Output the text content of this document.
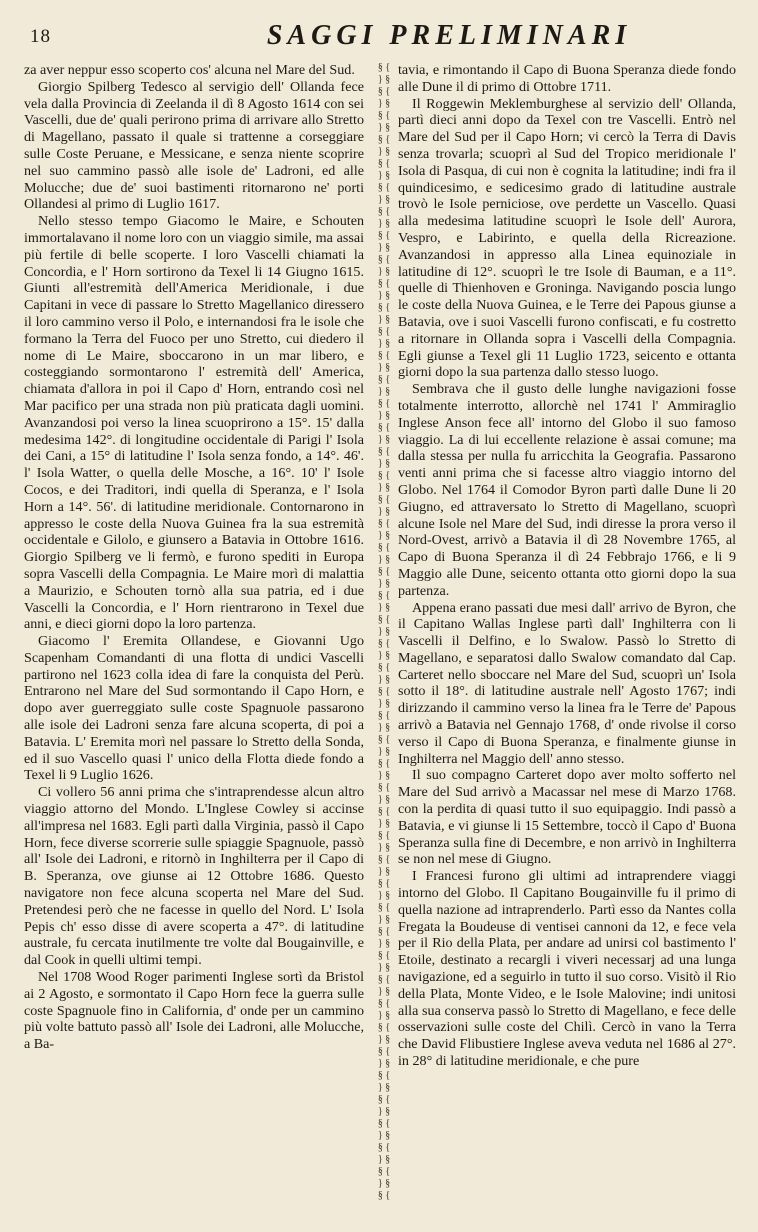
18	SAGGI PRELIMINARI

za aver neppur esso scoperto cos' alcuna nel Mare del Sud.

Giorgio Spilberg Tedesco al servigio dell' Ollanda fece vela dalla Provincia di Zeelanda il dì 8 Agosto 1614 con sei Vascelli, due de' quali perirono prima di arrivare allo Stretto di Magellano, passato il quale si trattenne a corseggiare sulle Coste Peruane, e Messicane, e senza niente scoprire nel suo cammino passò alle isole de' Ladroni, ed alle Molucche; due de' suoi bastimenti ritornarono ne' porti Ollandesi al primo di Luglio 1617.

Nello stesso tempo Giacomo le Maire, e Schouten immortalavano il nome loro con un viaggio simile, ma assai più fertile di belle scoperte. I loro Vascelli chiamati la Concordia, e l' Horn sortirono da Texel li 14 Giugno 1615. Giunti all'estremità dell'America Meridionale, i due Capitani in vece di passare lo Stretto Magellanico diressero il loro cammino verso il Polo, e internandosi fra le isole che formano la Terra del Fuoco per uno Stretto, cui diedero il nome di Le Maire, sboccarono in un mar libero, e costeggiando sormontarono l' estremità dell' America, chiamata d'allora in poi il Capo d' Horn, entrando così nel Mar pacifico per una strada non più praticata dagli uomini. Avanzandosi poi verso la linea scuoprirono a 15°. 15' dalla medesima 142°. di longitudine occidentale di Parigi l' Isola dei Cani, a 15° di latitudine l' Isola senza fondo, a 14°. 46'. l' Isola Watter, o quella delle Mosche, a 16°. 10' l' Isole Cocos, e dei Traditori, indi quella di Speranza, e l' Isola Horn a 14°. 56'. di latitudine meridionale. Contornarono in appresso le coste della Nuova Guinea fra la sua estremità occidentale e Gilolo, e giunsero a Batavia in Ottobre 1616. Giorgio Spilberg ve li fermò, e furono spediti in Europa sopra Vascelli della Compagnia. Le Maire morì di malattia a Maurizio, e Schouten tornò alla sua patria, ed i due Vascelli la Concordia, e l' Horn rientrarono in Texel due anni, e dieci giorni dopo la loro partenza.

Giacomo l' Eremita Ollandese, e Giovanni Ugo Scapenham Comandanti di una flotta di undici Vascelli partirono nel 1623 colla idea di fare la conquista del Perù. Entrarono nel Mare del Sud sormontando il Capo Horn, e dopo aver guerreggiato sulle coste Spagnuole passarono alle isole dei Ladroni senza fare alcuna scoperta, di poi a Batavia. L' Eremita morì nel passare lo Stretto della Sonda, ed il suo Vascello quasi l' unico della Flotta diede fondo a Texel li 9 Luglio 1626.

Ci vollero 56 anni prima che s'intraprendesse alcun altro viaggio attorno del Mondo. L'Inglese Cowley si accinse all'impresa nel 1683. Egli partì dalla Virginia, passò il Capo Horn, fece diverse scorrerie sulle spiaggie Spagnuole, passò all' Isole dei Ladroni, e ritornò in Inghilterra per il Capo di B. Speranza, ove giunse ai 12 Ottobre 1686. Questo navigatore non fece alcuna scoperta nel Mare del Sud. Pretendesi però che ne facesse in quello del Nord. L' Isola Pepis ch' esso disse di avere scoperta a 47°. di latitudine australe, fu cercata inutilmente tre volte dal Bougainville, e dal Cook in quelli ultimi tempi.

Nel 1708 Wood Roger parimenti Inglese sortì da Bristol ai 2 Agosto, e sormontato il Capo Horn fece la guerra sulle coste Spagnuole fino in California, d' onde per un cammino più volte battuto passò all' Isole dei Ladroni, alle Molucche, a Ba-

§ {
} §
§ {
} §
§ {
} §
§ {
} §
§ {
} §
§ {
} §
§ {
} §
§ {
} §
§ {
} §
§ {
} §
§ {
} §
§ {
} §
§ {
} §
§ {
} §
§ {
} §
§ {
} §
§ {
} §
§ {
} §
§ {
} §
§ {
} §
§ {
} §
§ {
} §
§ {
} §
§ {
} §
§ {
} §
§ {
} §
§ {
} §
§ {
} §
§ {
} §
§ {
} §
§ {
} §
§ {
} §
§ {
} §
§ {
} §
§ {
} §
§ {
} §
§ {
} §
§ {
} §
§ {
} §
§ {
} §
§ {
} §
§ {
} §
§ {
} §
§ {
} §
§ {
} §
§ {
} §
§ {
} §
§ {

tavia, e rimontando il Capo di Buona Speranza diede fondo alle Dune il di primo di Ottobre 1711.

Il Roggewin Meklemburghese al servizio dell' Ollanda, partì dieci anni dopo da Texel con tre Vascelli. Entrò nel Mare del Sud per il Capo Horn; vi cercò la Terra di Davis senza trovarla; scuoprì al Sud del Tropico meridionale l' Isola di Pasqua, di cui non è cognita la latitudine; indi fra il quindicesimo, e sedicesimo grado di latitudine australe trovò le Isole perniciose, ove perdette un Vascello. Quasi alla medesima latitudine scuoprì le Isole dell' Aurora, Vespro, e Labirinto, e quella della Ricreazione. Avanzandosi in appresso alla Linea equinoziale in latitudine di 12°. scuoprì le tre Isole di Bauman, e a 11°. quelle di Thienhoven e Groninga. Navigando poscia lungo le coste della Nuova Guinea, e le Terre dei Papous giunse a Batavia, ove i suoi Vascelli furono confiscati, e fu costretto a ritornare in Ollanda sopra i Vascelli della Compagnia. Egli giunse a Texel gli 11 Luglio 1723, seicento e ottanta giorni dopo la sua partenza dallo stesso luogo.

Sembrava che il gusto delle lunghe navigazioni fosse totalmente interrotto, allorchè nel 1741 l' Ammiraglio Inglese Anson fece all' intorno del Globo il suo famoso viaggio. La di lui eccellente relazione è assai comune; ma dalla stessa per nulla fu arricchita la Geografia. Passarono venti anni prima che si facesse altro viaggio intorno del Globo. Nel 1764 il Comodor Byron partì dalle Dune li 20 Giugno, ed attraversato lo Stretto di Magellano, scuoprì alcune Isole nel Mare del Sud, indi diresse la prora verso il Nord-Ovest, arrivò a Batavia il dì 28 Novembre 1765, al Capo di Buona Speranza il dì 24 Febbrajo 1766, e li 9 Maggio alle Dune, seicento ottanta otto giorni dopo la sua partenza.

Appena erano passati due mesi dall' arrivo de Byron, che il Capitano Wallas Inglese partì dall' Inghilterra con li Vascelli il Delfino, e lo Swalow. Passò lo Stretto di Magellano, e separatosi dallo Swalow comandato dal Cap. Carteret nello sboccare nel Mare del Sud, scuoprì un' Isola sotto il 18°. di latitudine australe nell' Agosto 1767; indi dirizzando il cammino verso la linea fra le Terre de' Papous arrivò a Batavia nel Gennajo 1768, d' onde rivolse il corso verso il Capo di Buona Speranza, e finalmente giunse in Inghilterra nel Maggio dell' anno stesso.

Il suo compagno Carteret dopo aver molto sofferto nel Mare del Sud arrivò a Macassar nel mese di Marzo 1768. con la perdita di quasi tutto il suo equipaggio. Indi passò a Batavia, e vi giunse li 15 Settembre, toccò il Capo d' Buona Speranza sulla fine di Decembre, e non arrivò in Inghilterra se non nel mese di Giugno.

I Francesi furono gli ultimi ad intraprendere viaggi intorno del Globo. Il Capitano Bougainville fu il primo di quella nazione ad intraprenderlo. Partì esso da Nantes colla Fregata la Boudeuse di ventisei cannoni da 12, e fece vela per il Rio della Plata, per andare ad unirsi col bastimento l' Etoile, destinato a recargli i viveri necessarj ad una lunga navigazione, ed a seguirlo in tutto il suo corso. Visitò il Rio della Plata, Monte Video, e le Isole Malovine; indi unitosi alla sua conserva passò lo Stretto di Magellano, e fece delle osservazioni sulle coste del Chilì. Cercò in vano la Terra che David Flibustiere Inglese aveva veduta nel 1686 al 27°. in 28° di latitudine meridionale, e che pure
